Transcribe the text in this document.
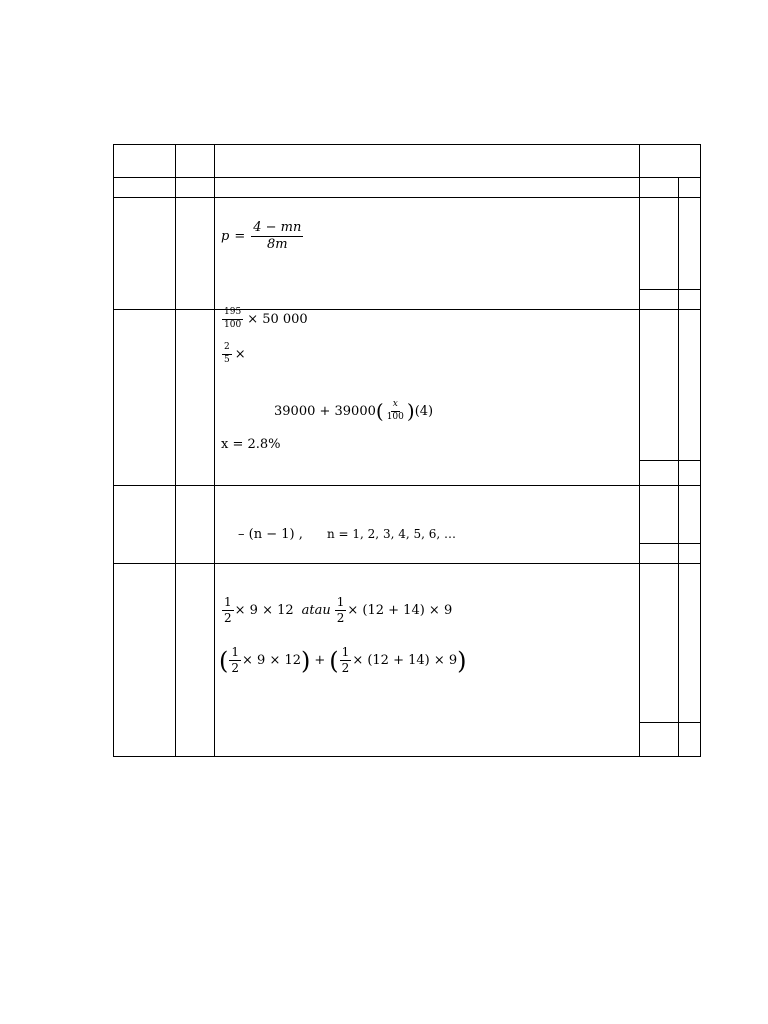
$p = \frac{4 - mn}{8m}$
$\frac{195}{100} \times 50$ 000
$\frac{2}{5}$ ×
39000 + 39000 ( $\frac{x}{100}$ ) (4)
x = 2.8%
– (n − 1) , n = 1, 2, 3, 4, 5, 6, …
$\frac{1}{2} \times 9 \times 12$ atau $\frac{1}{2} \times (12 + 14) \times 9$
( $\frac{1}{2} \times 9 \times 12$ ) + ( $\frac{1}{2} \times (12 + 14) \times 9$ )
